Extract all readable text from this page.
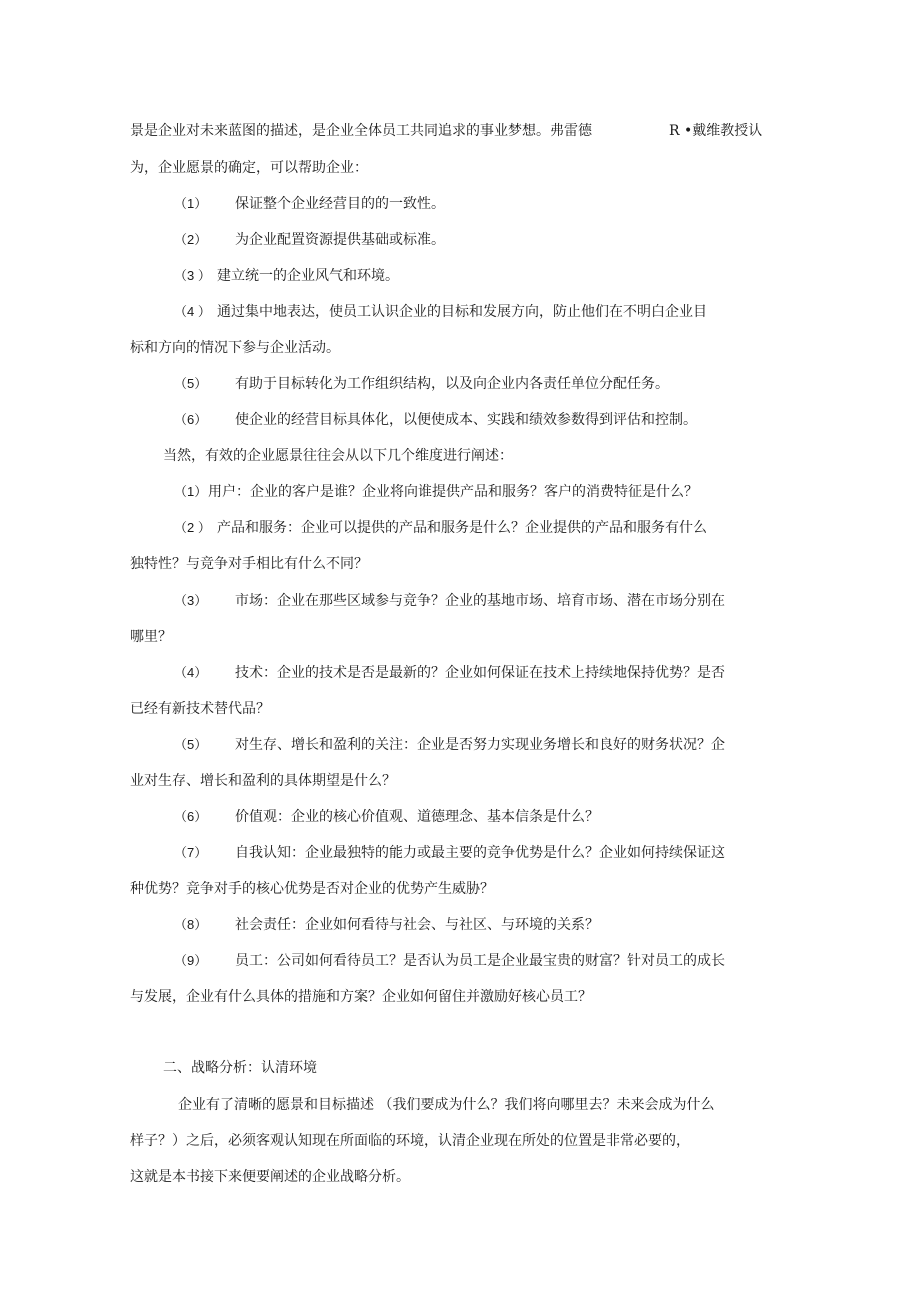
景是企业对未来蓝图的描述，是企业全体员工共同追求的事业梦想。弗雷德	R •戴维教授认
为，企业愿景的确定，可以帮助企业：
（1） 保证整个企业经营目的的一致性。
（2） 为企业配置资源提供基础或标准。
（3 ） 建立统一的企业风气和环境。
（4 ） 通过集中地表达，使员工认识企业的目标和发展方向，防止他们在不明白企业目
标和方向的情况下参与企业活动。
（5） 有助于目标转化为工作组织结构，以及向企业内各责任单位分配任务。
（6） 使企业的经营目标具体化，以便使成本、实践和绩效参数得到评估和控制。
当然，有效的企业愿景往往会从以下几个维度进行阐述：
（1） 用户：企业的客户是谁？企业将向谁提供产品和服务？客户的消费特征是什么？
（2 ） 产品和服务：企业可以提供的产品和服务是什么？企业提供的产品和服务有什么
独特性？与竞争对手相比有什么不同？
（3） 市场：企业在那些区域参与竞争？企业的基地市场、培育市场、潜在市场分别在
哪里？
（4） 技术：企业的技术是否是最新的？企业如何保证在技术上持续地保持优势？是否
已经有新技术替代品？
（5） 对生存、增长和盈利的关注：企业是否努力实现业务增长和良好的财务状况？企
业对生存、增长和盈利的具体期望是什么？
（6） 价值观：企业的核心价值观、道德理念、基本信条是什么？
（7） 自我认知：企业最独特的能力或最主要的竞争优势是什么？企业如何持续保证这
种优势？竞争对手的核心优势是否对企业的优势产生威胁？
（8） 社会责任：企业如何看待与社会、与社区、与环境的关系？
（9） 员工：公司如何看待员工？是否认为员工是企业最宝贵的财富？针对员工的成长
与发展，企业有什么具体的措施和方案？企业如何留住并激励好核心员工？
二、战略分析：认清环境
企业有了清晰的愿景和目标描述 （我们要成为什么？我们将向哪里去？未来会成为什么
样子？）之后，必须客观认知现在所面临的环境，认清企业现在所处的位置是非常必要的，
这就是本书接下来便要阐述的企业战略分析。
